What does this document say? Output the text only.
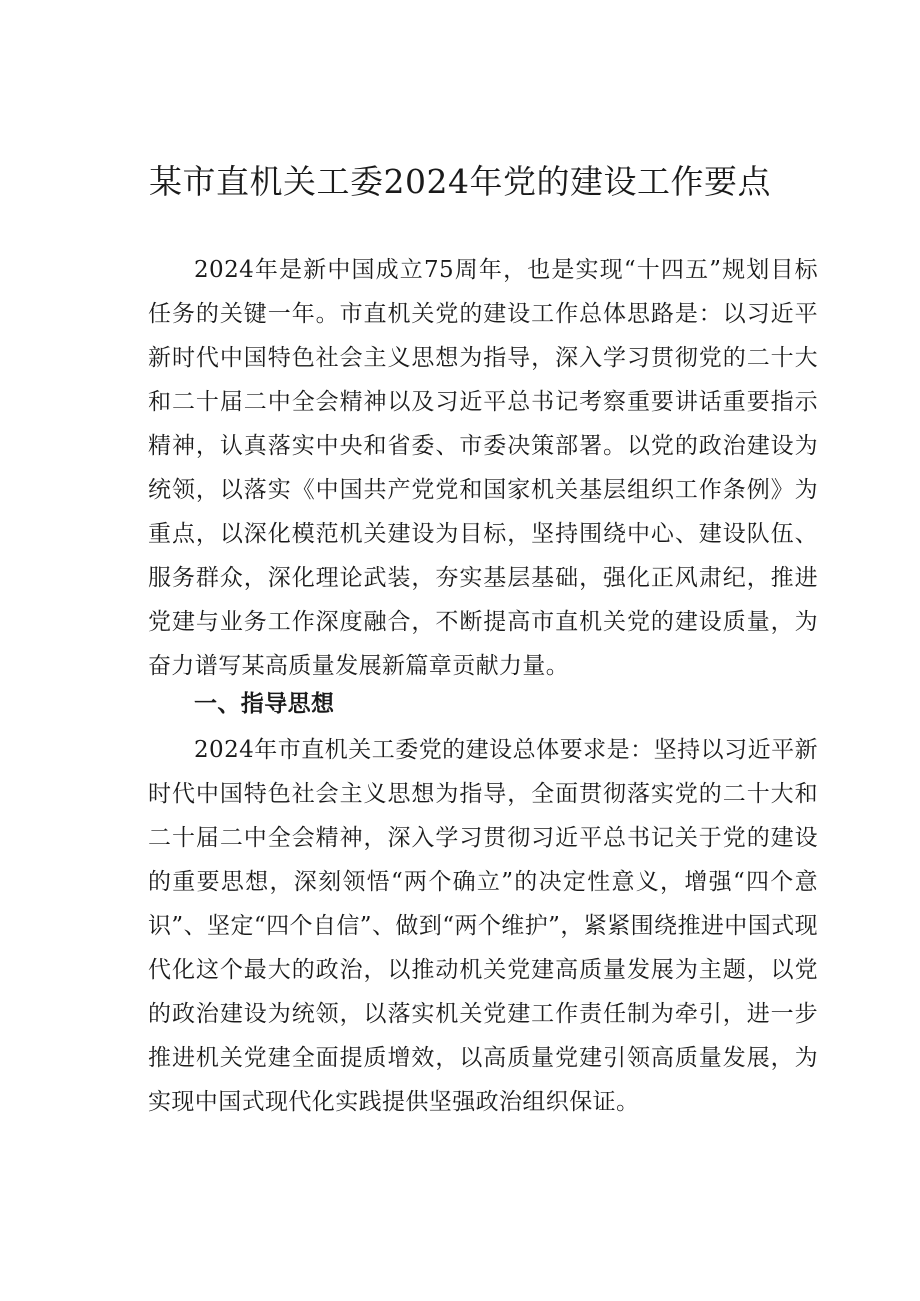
某市直机关工委2024年党的建设工作要点

2024年是新中国成立75周年，也是实现“十四五”规划目标任务的关键一年。市直机关党的建设工作总体思路是：以习近平新时代中国特色社会主义思想为指导，深入学习贯彻党的二十大和二十届二中全会精神以及习近平总书记考察重要讲话重要指示精神，认真落实中央和省委、市委决策部署。以党的政治建设为统领，以落实《中国共产党党和国家机关基层组织工作条例》为重点，以深化模范机关建设为目标，坚持围绕中心、建设队伍、服务群众，深化理论武装，夯实基层基础，强化正风肃纪，推进党建与业务工作深度融合，不断提高市直机关党的建设质量，为奋力谱写某高质量发展新篇章贡献力量。

一、指导思想

2024年市直机关工委党的建设总体要求是：坚持以习近平新时代中国特色社会主义思想为指导，全面贯彻落实党的二十大和二十届二中全会精神，深入学习贯彻习近平总书记关于党的建设的重要思想，深刻领悟“两个确立”的决定性意义，增强“四个意识”、坚定“四个自信”、做到“两个维护”，紧紧围绕推进中国式现代化这个最大的政治，以推动机关党建高质量发展为主题，以党的政治建设为统领，以落实机关党建工作责任制为牵引，进一步推进机关党建全面提质增效，以高质量党建引领高质量发展，为实现中国式现代化实践提供坚强政治组织保证。
